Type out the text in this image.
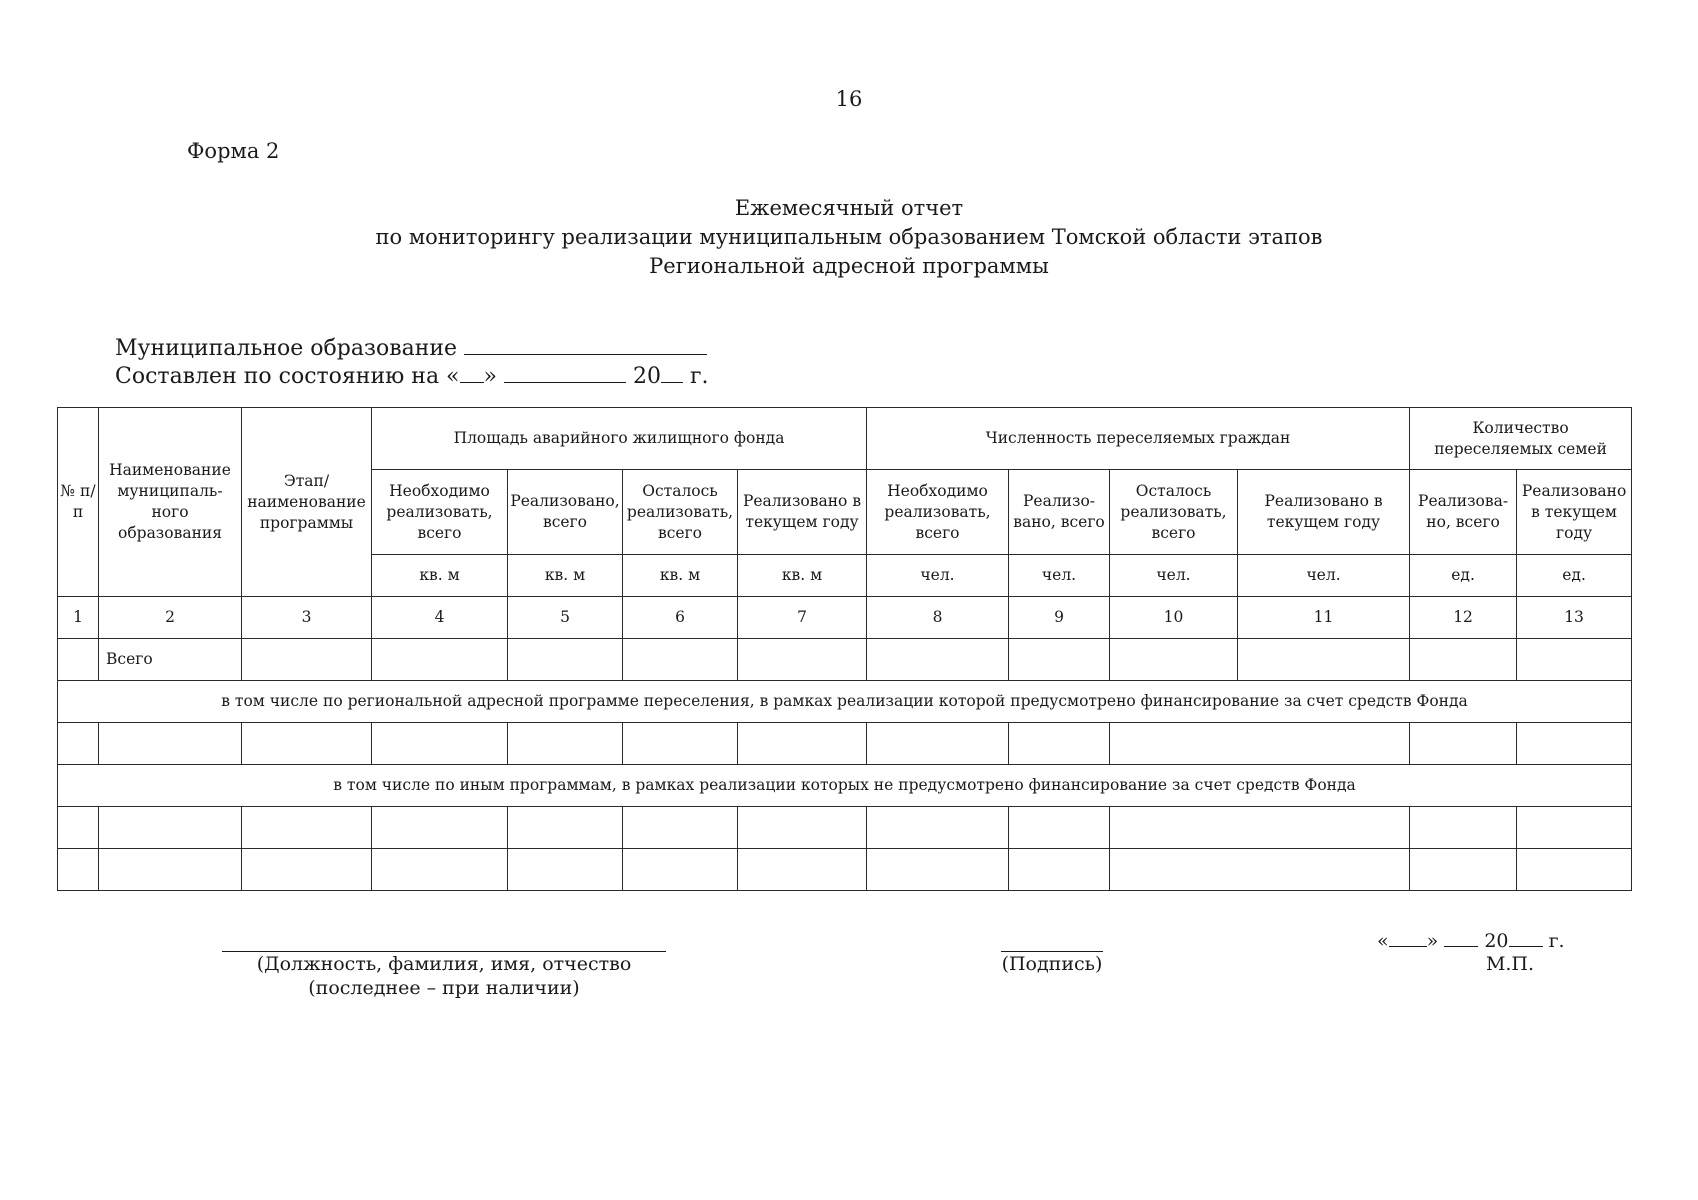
16
Форма 2
Ежемесячный отчет
по мониторингу реализации муниципальным образованием Томской области этапов
Региональной адресной программы
Муниципальное образование
Составлен по состоянию на « »	20 г.
№ п/п	Наименование муниципаль-ного образования	Этап/ наименование программы	Площадь аварийного жилищного фонда				Численность переселяемых граждан				Количество переселяемых семей	
			Необходимо реализовать, всего	Реализовано, всего	Осталось реализовать, всего	Реализовано в текущем году	Необходимо реализовать, всего	Реализо-вано, всего	Осталось реализовать, всего	Реализовано в текущем году	Реализова-но, всего	Реализовано в текущем году
			кв. м	кв. м	кв. м	кв. м	чел.	чел.	чел.	чел.	ед.	ед.
1	2	3	4	5	6	7	8	9	10	11	12	13
	Всего											
в том числе по региональной адресной программе переселения, в рамках реализации которой предусмотрено финансирование за счет средств Фонда												

в том числе по иным программам, в рамках реализации которых не предусмотрено финансирование за счет средств Фонда												

(Должность, фамилия, имя, отчество (последнее – при наличии)
(Подпись)
« » 20 г.
М.П.
